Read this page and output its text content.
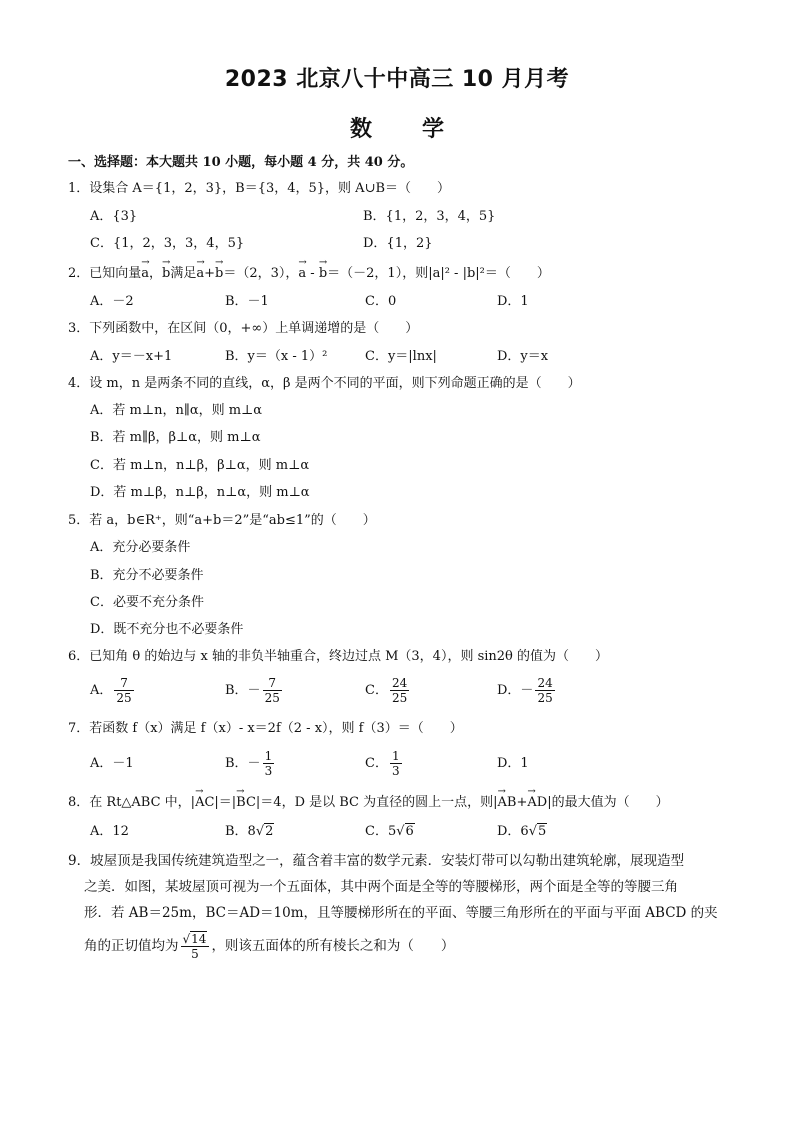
2023 北京八十中高三 10 月月考
数 学
一、选择题：本大题共 10 小题，每小题 4 分，共 40 分。
1．设集合 A＝{1，2，3}，B＝{3，4，5}，则 A∪B＝（　　）
A．{3}	B．{1，2，3，4，5}
C．{1，2，3，3，4，5}	D．{1，2}
2．已知向量→ a，→ b满足→ a+→ b＝（2，3），→ a - → b＝（－2，1），则|a|² - |b|²＝（　　）
A．－2	B．－1	C．0	D．1
3．下列函数中，在区间（0，+∞）上单调递增的是（　　）
A．y＝－x+1	B．y＝（x - 1）²	C．y＝|lnx|	D．y＝x
4．设 m，n 是两条不同的直线，α，β 是两个不同的平面，则下列命题正确的是（　　）
A．若 m⊥n，n∥α，则 m⊥α
B．若 m∥β，β⊥α，则 m⊥α
C．若 m⊥n，n⊥β，β⊥α，则 m⊥α
D．若 m⊥β，n⊥β，n⊥α，则 m⊥α
5．若 a，b∈R⁺，则“a+b＝2”是“ab≤1”的（　　）
A．充分必要条件
B．充分不必要条件
C．必要不充分条件
D．既不充分也不必要条件
6．已知角 θ 的始边与 x 轴的非负半轴重合，终边过点 M（3，4），则 sin2θ 的值为（　　）
A． $\frac{7}{25}$	B．－ $\frac{7}{25}$	C． $\frac{24}{25}$	D．－ $\frac{24}{25}$
7．若函数 f（x）满足 f（x）- x＝2f（2 - x），则 f（3）＝（　　）
A．－1	B．－ $\frac{1}{3}$	C． $\frac{1}{3}$	D．1
8．在 Rt△ABC 中，|→ AC|＝|→ BC|＝4，D 是以 BC 为直径的圆上一点，则|→ AB+→ AD|的最大值为（　　）
A．12	B．8√2	C．5√6	D．6√5
9．坡屋顶是我国传统建筑造型之一，蕴含着丰富的数学元素．安装灯带可以勾勒出建筑轮廓，展现造型
之美．如图，某坡屋顶可视为一个五面体，其中两个面是全等的等腰梯形，两个面是全等的等腰三角
形．若 AB＝25m，BC＝AD＝10m，且等腰梯形所在的平面、等腰三角形所在的平面与平面 ABCD 的夹
角的正切值均为 $\frac{√14}{5}$ ，则该五面体的所有棱长之和为（　　）
